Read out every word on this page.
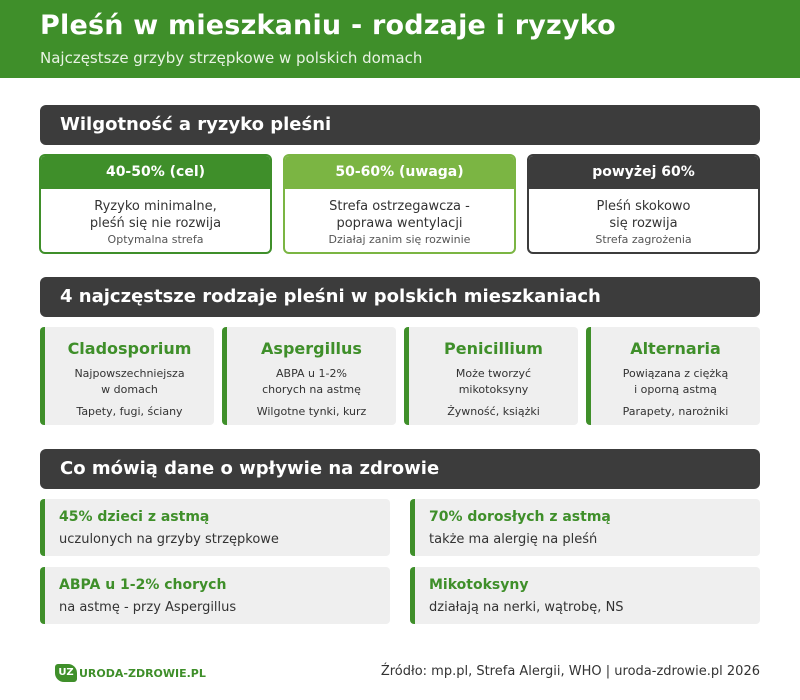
Pleśń w mieszkaniu - rodzaje i ryzyko
Najczęstsze grzyby strzępkowe w polskich domach
Wilgotność a ryzyko pleśni
40-50% (cel)
Ryzyko minimalne,
pleśń się nie rozwija
Optymalna strefa
50-60% (uwaga)
Strefa ostrzegawcza -
poprawa wentylacji
Działaj zanim się rozwinie
powyżej 60%
Pleśń skokowo
się rozwija
Strefa zagrożenia
4 najczęstsze rodzaje pleśni w polskich mieszkaniach
Cladosporium
Najpowszechniejsza
w domach
Tapety, fugi, ściany
Aspergillus
ABPA u 1-2%
chorych na astmę
Wilgotne tynki, kurz
Penicillium
Może tworzyć
mikotoksyny
Żywność, książki
Alternaria
Powiązana z ciężką
i oporną astmą
Parapety, narożniki
Co mówią dane o wpływie na zdrowie
45% dzieci z astmą
uczulonych na grzyby strzępkowe
70% dorosłych z astmą
także ma alergię na pleśń
ABPA u 1-2% chorych
na astmę - przy Aspergillus
Mikotoksyny
działają na nerki, wątrobę, NS
UZ URODA-ZDROWIE.PL	Źródło: mp.pl, Strefa Alergii, WHO | uroda-zdrowie.pl 2026
